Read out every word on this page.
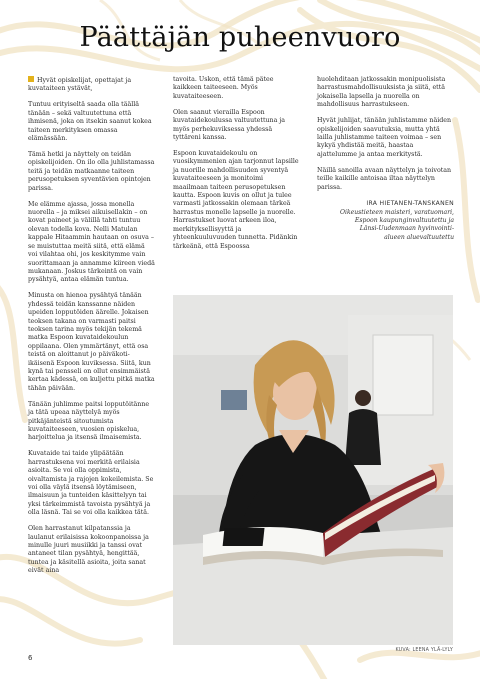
Päättäjän puheenvuoro

Hyvät opiskelijat, opettajat ja kuvataiteen ystävät,

Tuntuu erityiseltä saada olla täällä tänään – sekä valtuutettuna että ihmisenä, joka on itsekin saanut kokea taiteen merkityksen omassa elämässään.

Tämä hetki ja näyttely on teidän opiskelijoiden. On ilo olla juhlistamassa teitä ja teidän matkaanne taiteen perusopetuksen syventävien opintojen parissa.

Me elämme ajassa, jossa monella nuorella – ja miksei aikuisellakin – on kovat paineet ja välillä tahti tuntuu olevan todella kova. Nelli Matulan kappale Hitaammin hautaan on osuva – se muistuttaa meitä siitä, että elämä voi vilahtaa ohi, jos keskitymme vain suorittamaan ja annamme kiireen viedä mukanaan. Joskus tärkeintä on vain pysähtyä, antaa elämän tuntua.

Minusta on hienoa pysähtyä tänään yhdessä teidän kanssanne näiden upeiden lopputöiden äärelle. Jokaisen teoksen takana on varmasti paitsi teoksen tarina myös tekijän tekemä matka Espoon kuvataidekoulun oppilaana. Olen ymmärtänyt, että osa teistä on aloittanut jo päiväkoti-ikäisenä Espoon kuviksessa. Siitä, kun kynä tai pensseli on ollut ensimmäistä kertaa kädessä, on kuljettu pitkä matka tähän päivään.

Tänään juhlimme paitsi lopputöitänne ja tätä upeaa näyttelyä myös pitkäjänteistä sitoutumista kuvataiteeseen, vuosien opiskelua, harjoittelua ja itsensä ilmaisemista.

Kuvataide tai taide ylipäätään harrastuksena voi merkitä erilaisia asioita. Se voi olla oppimista, oivaltamista ja rajojen kokeilemista. Se voi olla väylä itsensä löytämiseen, ilmaisuun ja tunteiden käsittelyyn tai yksi tärkeimmistä tavoista pysähtyä ja olla läsnä. Tai se voi olla kaikkea tätä.

Olen harrastanut kilpatanssia ja laulanut erilaisissa kokoonpanoissa ja minulle juuri musiikki ja tanssi ovat antaneet tilan pysähtyä, hengittää, tuntea ja käsitellä asioita, joita sanat eivät aina

tavoita. Uskon, että tämä pätee kaikkeen taiteeseen. Myös kuvataiteeseen.

Olen saanut vierailla Espoon kuvataidekoulussa valtuutettuna ja myös perhekuviksessa yhdessä tyttäreni kanssa.

Espoon kuvataidekoulu on vuosikymmenien ajan tarjonnut lapsille ja nuorille mahdollisuuden syventyä kuvataiteeseen ja monitoimi maailmaan taiteen perusopetuksen kautta. Espoon kuvis on ollut ja tulee varmasti jatkossakin olemaan tärkeä harrastus monelle lapselle ja nuorelle. Harrastukset luovat arkeen iloa, merkityksellisyyttä ja yhteenkuuluvuuden tunnetta. Pidänkin tärkeänä, että Espoossa

huolehditaan jatkossakin monipuolisista harrastusmahdollisuuksista ja siitä, että jokaisella lapsella ja nuorella on mahdollisuus harrastukseen.

Hyvät juhlijat, tänään juhlistamme näiden opiskelijoiden saavutuksia, mutta yhtä lailla juhlistamme taiteen voimaa – sen kykyä yhdistää meitä, haastaa ajattelumme ja antaa merkitystä.

Näillä sanoilla avaan näyttelyn ja toivotan teille kaikille antoisaa iltaa näyttelyn parissa.

IRA HIETANEN-TANSKANEN
Oikeustieteen maisteri, varatuomari,
Espoon kaupunginvaltuutettu ja
Länsi-Uudenmaan hyvinvointi-
alueen aluevaltuutettu
KUVA: LEENA YLÄ-LYLY
6
